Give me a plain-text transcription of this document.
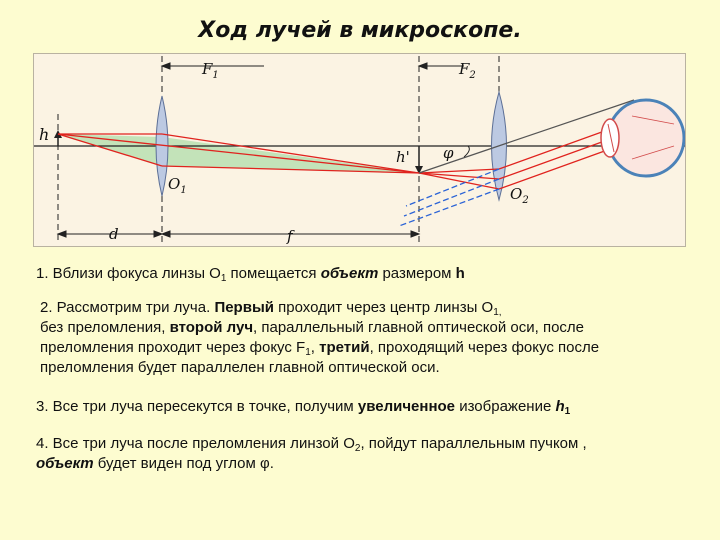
Ход лучей в микроскопе.
$F_1$	$F_2$
h
h'
$O_1$	$O_2$
φ
d	f
1. Вблизи фокуса линзы $O_1$ помещается объект размером h
2. Рассмотрим три луча. Первый проходит через центр линзы $O_{1,}$
без преломления, второй луч, параллельный главной оптической оси, после
преломления проходит через фокус $F_1$, третий, проходящий через фокус после
преломления будет параллелен главной оптической оси.
3. Все три луча пересекутся в точке, получим увеличенное изображение $h_1$
4. Все три луча после преломления линзой $O_2$, пойдут параллельным пучком ,
объект будет виден под углом φ.
